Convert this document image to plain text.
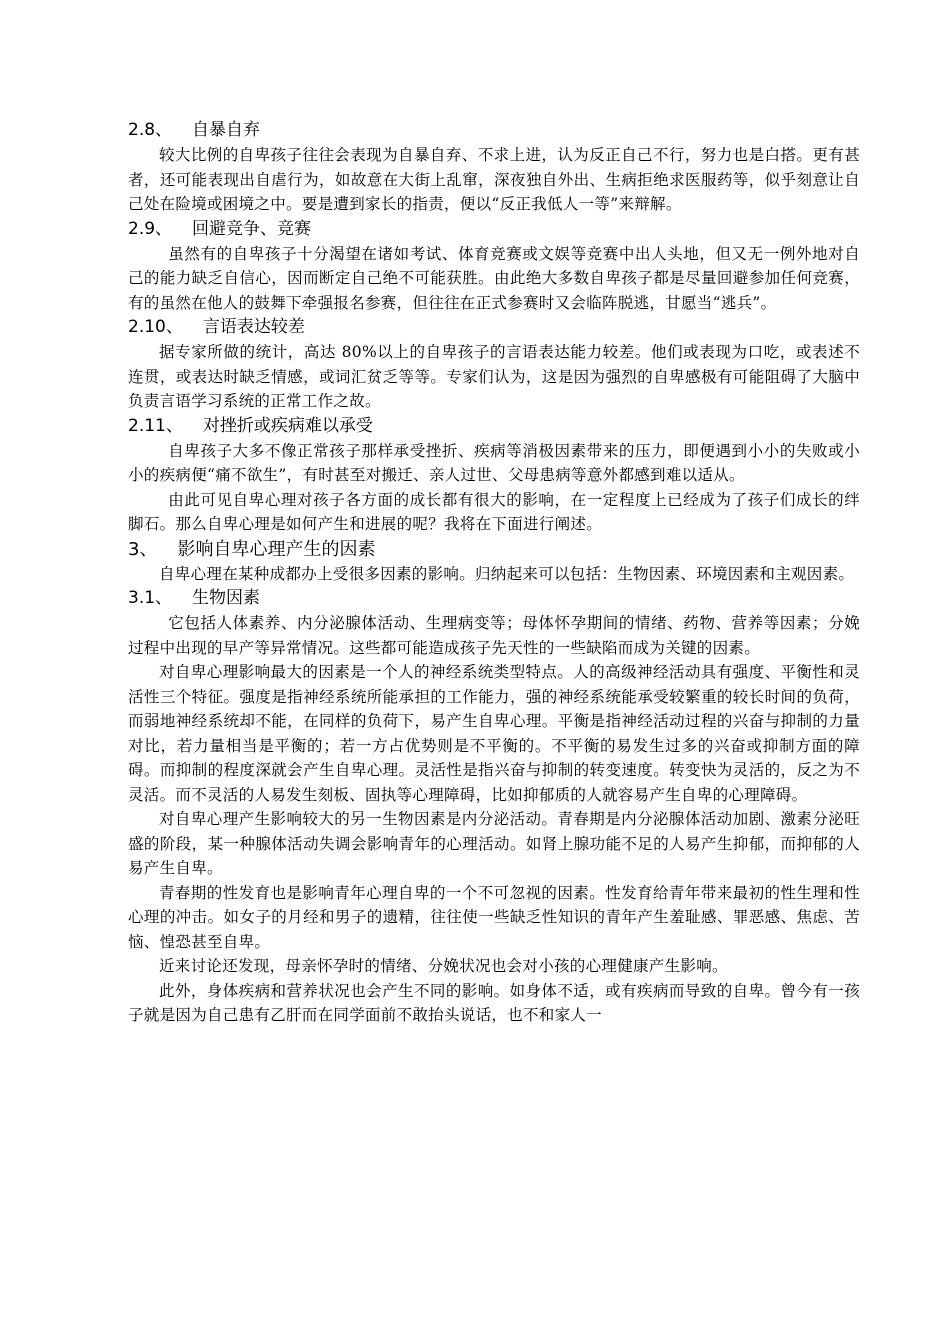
2.8、 自暴自弃

较大比例的自卑孩子往往会表现为自暴自弃、不求上进，认为反正自己不行，努力也是白搭。更有甚者，还可能表现出自虐行为，如故意在大街上乱窜，深夜独自外出、生病拒绝求医服药等，似乎刻意让自己处在险境或困境之中。要是遭到家长的指责，便以“反正我低人一等”来辩解。

2.9、 回避竞争、竞赛

虽然有的自卑孩子十分渴望在诸如考试、体育竞赛或文娱等竞赛中出人头地，但又无一例外地对自己的能力缺乏自信心，因而断定自己绝不可能获胜。由此绝大多数自卑孩子都是尽量回避参加任何竞赛，有的虽然在他人的鼓舞下牵强报名参赛，但往往在正式参赛时又会临阵脱逃，甘愿当“逃兵”。

2.10、 言语表达较差

据专家所做的统计，高达 80%以上的自卑孩子的言语表达能力较差。他们或表现为口吃，或表述不连贯，或表达时缺乏情感，或词汇贫乏等等。专家们认为，这是因为强烈的自卑感极有可能阻碍了大脑中负责言语学习系统的正常工作之故。

2.11、 对挫折或疾病难以承受

自卑孩子大多不像正常孩子那样承受挫折、疾病等消极因素带来的压力，即便遇到小小的失败或小小的疾病便“痛不欲生”，有时甚至对搬迁、亲人过世、父母患病等意外都感到难以适从。

由此可见自卑心理对孩子各方面的成长都有很大的影响，在一定程度上已经成为了孩子们成长的绊脚石。那么自卑心理是如何产生和进展的呢？我将在下面进行阐述。

3、 影响自卑心理产生的因素

自卑心理在某种成都办上受很多因素的影响。归纳起来可以包括：生物因素、环境因素和主观因素。

3.1、 生物因素

它包括人体素养、内分泌腺体活动、生理病变等；母体怀孕期间的情绪、药物、营养等因素；分娩过程中出现的早产等异常情况。这些都可能造成孩子先天性的一些缺陷而成为关键的因素。

对自卑心理影响最大的因素是一个人的神经系统类型特点。人的高级神经活动具有强度、平衡性和灵活性三个特征。强度是指神经系统所能承担的工作能力，强的神经系统能承受较繁重的较长时间的负荷，而弱地神经系统却不能，在同样的负荷下，易产生自卑心理。平衡是指神经活动过程的兴奋与抑制的力量对比，若力量相当是平衡的；若一方占优势则是不平衡的。不平衡的易发生过多的兴奋或抑制方面的障碍。而抑制的程度深就会产生自卑心理。灵活性是指兴奋与抑制的转变速度。转变快为灵活的，反之为不灵活。而不灵活的人易发生刻板、固执等心理障碍，比如抑郁质的人就容易产生自卑的心理障碍。

对自卑心理产生影响较大的另一生物因素是内分泌活动。青春期是内分泌腺体活动加剧、激素分泌旺盛的阶段，某一种腺体活动失调会影响青年的心理活动。如肾上腺功能不足的人易产生抑郁，而抑郁的人易产生自卑。

青春期的性发育也是影响青年心理自卑的一个不可忽视的因素。性发育给青年带来最初的性生理和性心理的冲击。如女子的月经和男子的遗精，往往使一些缺乏性知识的青年产生羞耻感、罪恶感、焦虑、苦恼、惶恐甚至自卑。

近来讨论还发现，母亲怀孕时的情绪、分娩状况也会对小孩的心理健康产生影响。

此外，身体疾病和营养状况也会产生不同的影响。如身体不适，或有疾病而导致的自卑。曾今有一孩子就是因为自己患有乙肝而在同学面前不敢抬头说话，也不和家人一
